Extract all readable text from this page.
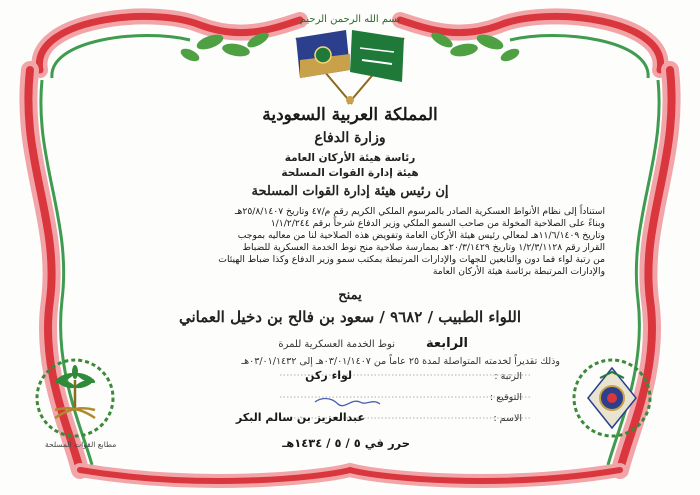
بسم الله الرحمن الرحيم
المملكة العربية السعودية
وزارة الدفاع
رئاسة هيئة الأركان العامة
هيئة إدارة القوات المسلحة
إن رئيس هيئة إدارة القوات المسلحة
استناداً إلى نظام الأنواط العسكرية الصادر بالمرسوم الملكي الكريم رقم م/٤٧ وتاريخ ٢٥/٨/١٤٠٧هـ
وبناءً على الصلاحية المخولة من صاحب السمو الملكي وزير الدفاع شرحاً برقم ١/١/٢/٢٤٤
وتاريخ ١١/٦/١٤٠٩هـ لمعالي رئيس هيئة الأركان العامة وتفويض هذه الصلاحية لنا من معاليه بموجب
القرار رقم ١/٢/٣/١١٢٨ وتاريخ ٢٠/٣/١٤٢٩هـ بممارسة صلاحية منح نوط الخدمة العسكرية للضباط
من رتبة لواء فما دون والتابعين للجهات والإدارات المرتبطة بمكتب سمو وزير الدفاع وكذا ضباط الهيئات
والإدارات المرتبطة برئاسة هيئة الأركان العامة
يمنح
اللواء الطبيب / ٩٦٨٢ / سعود بن فالح بن دخيل العماني
نوط الخدمة العسكرية للمرة الرابعة
وذلك تقديراً لخدمته المتواصلة لمدة ٢٥ عاماً من ٠٣/٠١/١٤٠٧هـ إلى ٠٣/٠١/١٤٣٢هـ
الرتبة :
لواء ركن
التوقيع :
الاسم :
عبدالعزيز بن سالم البكر
حرر في ٥ / ٥ / ١٤٣٤هـ
مطابع القوات المسلحة
